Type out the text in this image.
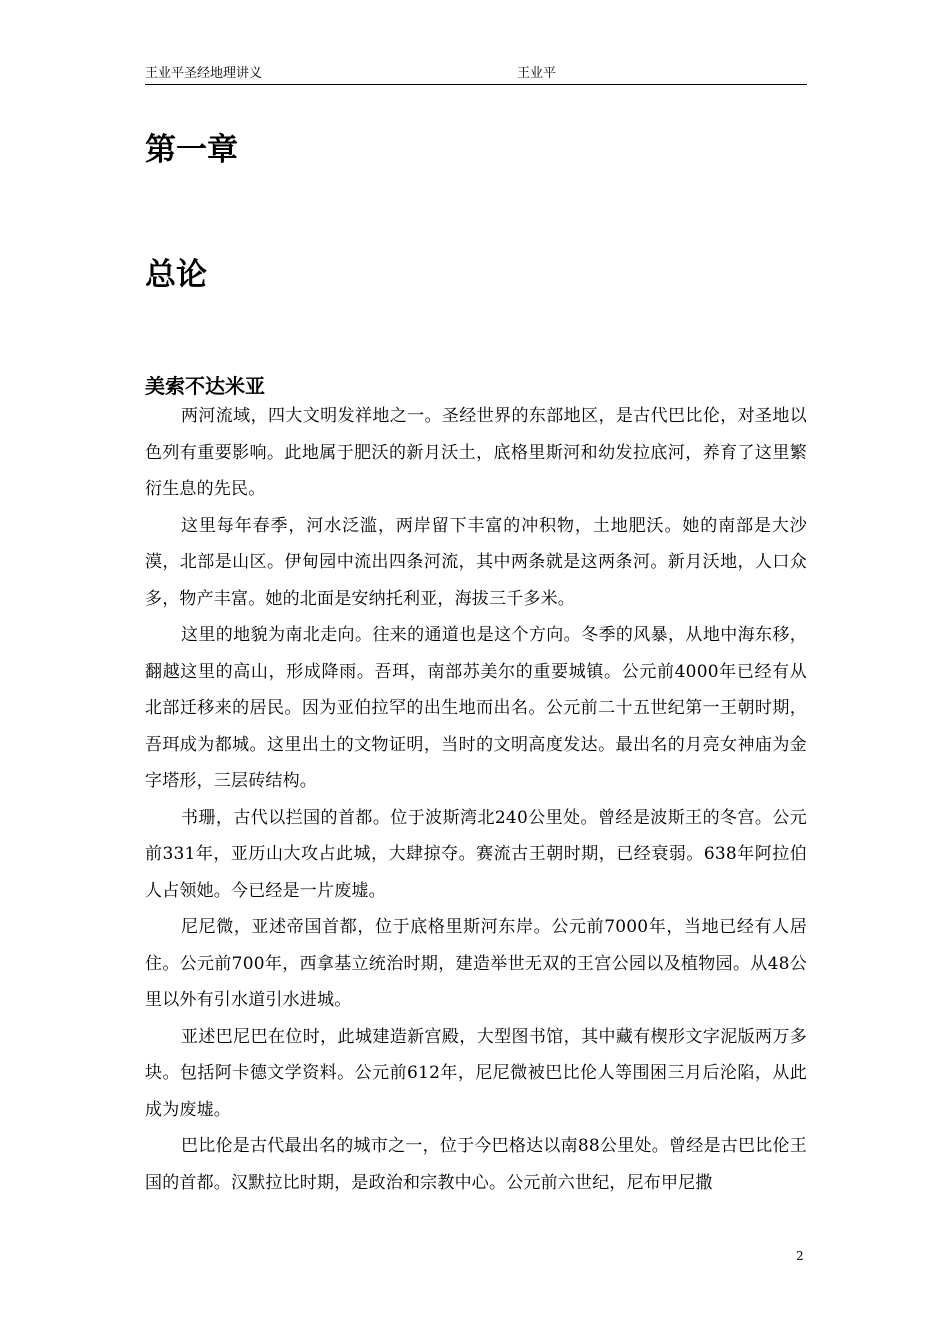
王业平圣经地理讲义	王业平
第一章
总论
美索不达米亚

两河流域，四大文明发祥地之一。圣经世界的东部地区，是古代巴比伦，对圣地以色列有重要影响。此地属于肥沃的新月沃土，底格里斯河和幼发拉底河，养育了这里繁衍生息的先民。

这里每年春季，河水泛滥，两岸留下丰富的冲积物，土地肥沃。她的南部是大沙漠，北部是山区。伊甸园中流出四条河流，其中两条就是这两条河。新月沃地，人口众多，物产丰富。她的北面是安纳托利亚，海拔三千多米。

这里的地貌为南北走向。往来的通道也是这个方向。冬季的风暴，从地中海东移，翻越这里的高山，形成降雨。吾珥，南部苏美尔的重要城镇。公元前4000年已经有从北部迁移来的居民。因为亚伯拉罕的出生地而出名。公元前二十五世纪第一王朝时期，吾珥成为都城。这里出土的文物证明，当时的文明高度发达。最出名的月亮女神庙为金字塔形，三层砖结构。

书珊，古代以拦国的首都。位于波斯湾北240公里处。曾经是波斯王的冬宫。公元前331年，亚历山大攻占此城，大肆掠夺。赛流古王朝时期，已经衰弱。638年阿拉伯人占领她。今已经是一片废墟。

尼尼微，亚述帝国首都，位于底格里斯河东岸。公元前7000年，当地已经有人居住。公元前700年，西拿基立统治时期，建造举世无双的王宫公园以及植物园。从48公里以外有引水道引水进城。

亚述巴尼巴在位时，此城建造新宫殿，大型图书馆，其中藏有楔形文字泥版两万多块。包括阿卡德文学资料。公元前612年，尼尼微被巴比伦人等围困三月后沦陷，从此成为废墟。

巴比伦是古代最出名的城市之一，位于今巴格达以南88公里处。曾经是古巴比伦王国的首都。汉默拉比时期，是政治和宗教中心。公元前六世纪，尼布甲尼撒

2
